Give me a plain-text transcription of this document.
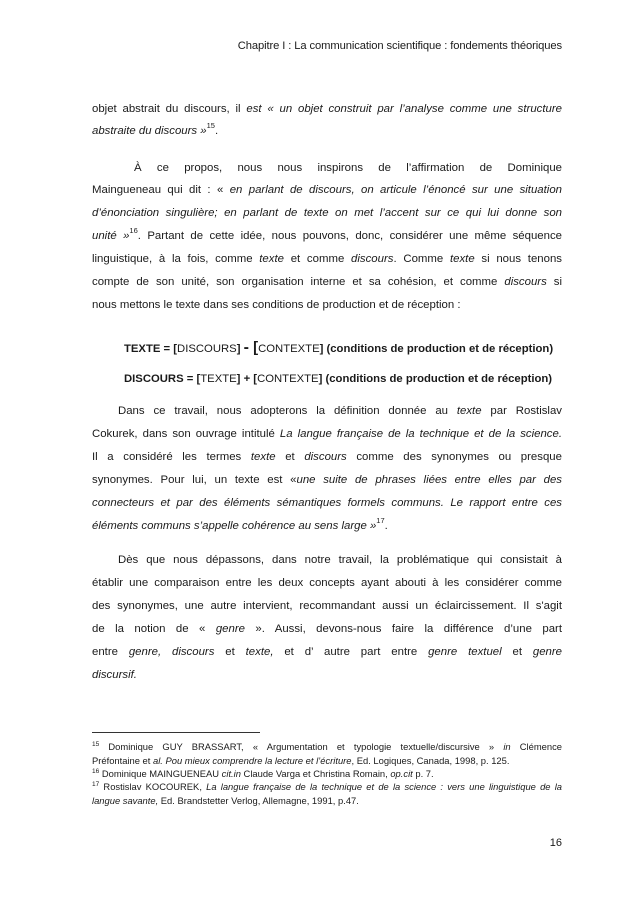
Chapitre I : La communication scientifique : fondements théoriques
objet abstrait du discours, il est « un objet construit par l’analyse comme une structure
abstraite du discours »$^{15}$.
À ce propos, nous nous inspirons de l’affirmation de Dominique
Maingueneau qui dit : « en parlant de discours, on articule l’énoncé sur une situation
d’énonciation singulière; en parlant de texte on met l’accent sur ce qui lui donne son
unité »$^{16}$. Partant de cette idée, nous pouvons, donc, considérer une même séquence
linguistique, à la fois, comme texte et comme discours. Comme texte si nous tenons
compte de son unité, son organisation interne et sa cohésion, et comme discours si
nous mettons le texte dans ses conditions de production et de réception :
TEXTE = [DISCOURS] - [CONTEXTE] (conditions de production et de réception)
DISCOURS = [TEXTE] + [CONTEXTE] (conditions de production et de réception)
Dans ce travail, nous adopterons la définition donnée au texte par Rostislav
Cokurek, dans son ouvrage intitulé La langue française de la technique et de la science.
Il a considéré les termes texte et discours comme des synonymes ou presque
synonymes. Pour lui, un texte est «une suite de phrases liées entre elles par des
connecteurs et par des éléments sémantiques formels communs. Le rapport entre ces
éléments communs s’appelle cohérence au sens large »$^{17}$.
Dès que nous dépassons, dans notre travail, la problématique qui consistait à
établir une comparaison entre les deux concepts ayant abouti à les considérer comme
des synonymes, une autre intervient, recommandant aussi un éclaircissement. Il s'agit
de la notion de « genre ». Aussi, devons-nous faire la différence d’une part
entre genre, discours et texte, et d’ autre part entre genre textuel et genre
discursif.
$^{15}$ Dominique GUY BRASSART, « Argumentation et typologie textuelle/discursive » in Clémence
Préfontaine et al. Pou mieux comprendre la lecture et l’écriture, Ed. Logiques, Canada, 1998, p. 125.
$^{16}$ Dominique MAINGUENEAU cit.in Claude Varga et Christina Romain, op.cit p. 7.
$^{17}$ Rostislav KOCOUREK, La langue française de la technique et de la science : vers une linguistique de la
langue savante, Ed. Brandstetter Verlog, Allemagne, 1991, p.47.
16
